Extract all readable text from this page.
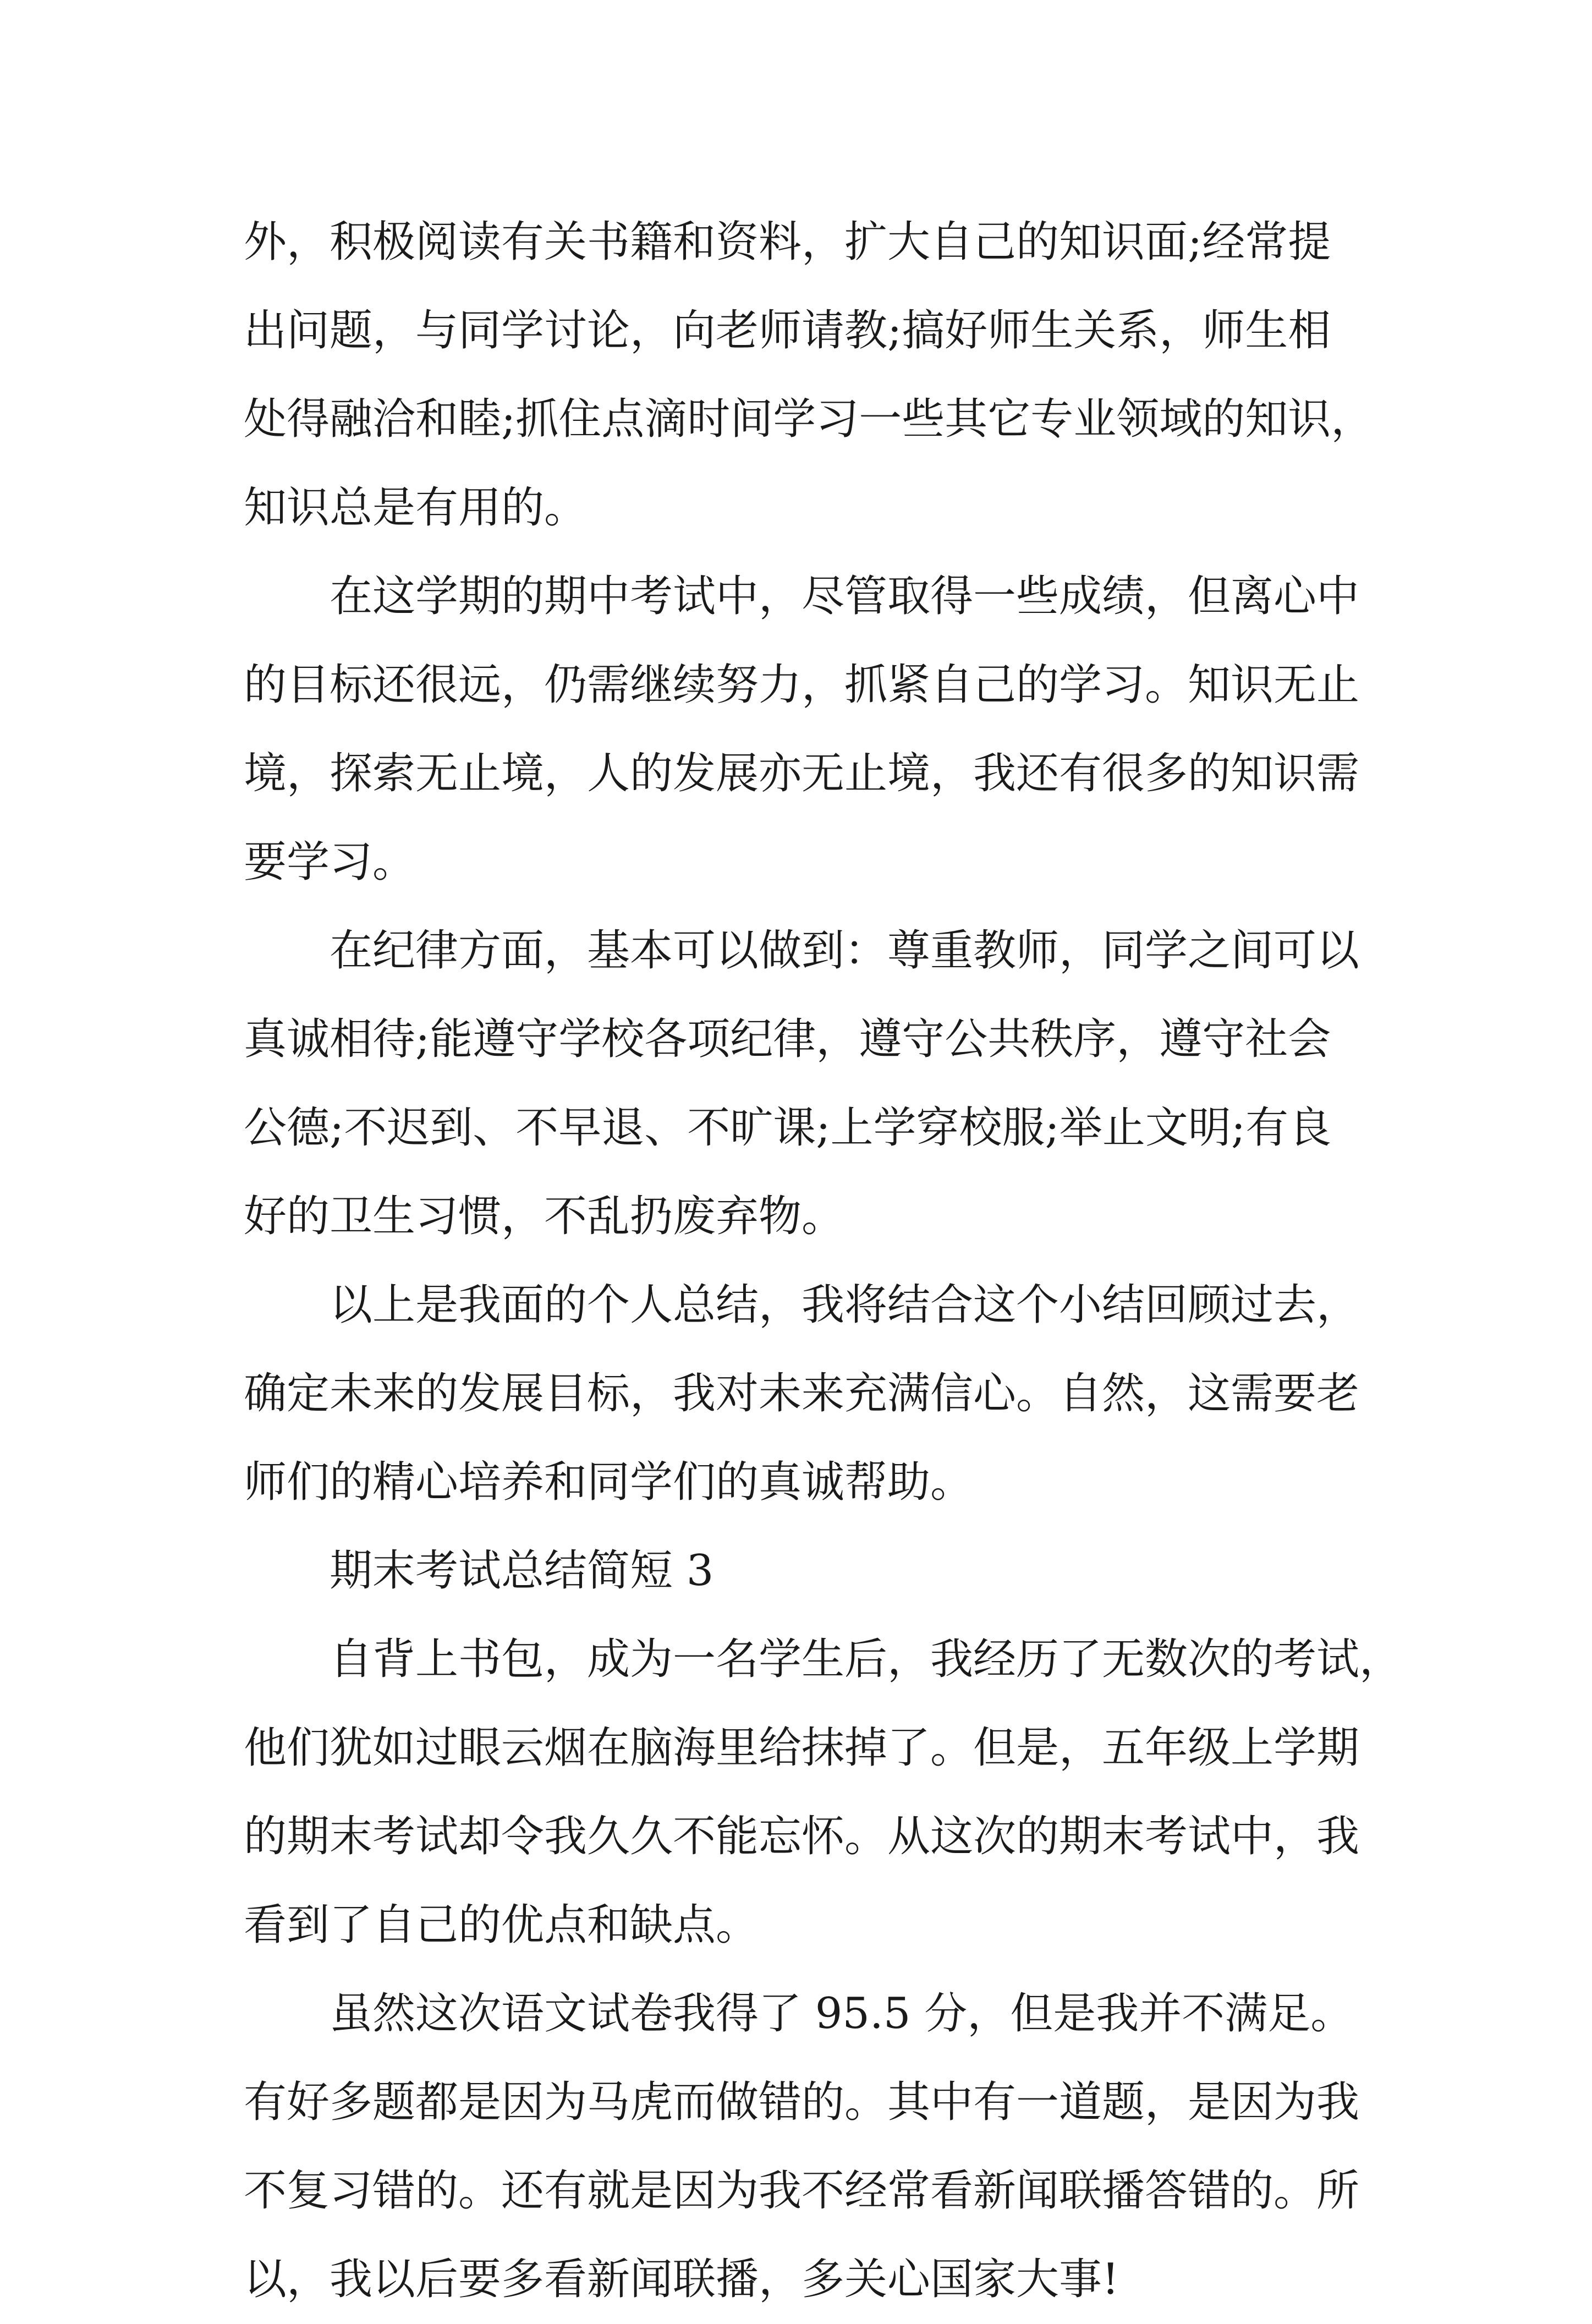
外，积极阅读有关书籍和资料，扩大自己的知识面;经常提
出问题，与同学讨论，向老师请教;搞好师生关系，师生相
处得融洽和睦;抓住点滴时间学习一些其它专业领域的知识，
知识总是有用的。

在这学期的期中考试中，尽管取得一些成绩，但离心中
的目标还很远，仍需继续努力，抓紧自己的学习。知识无止
境，探索无止境，人的发展亦无止境，我还有很多的知识需
要学习。

在纪律方面，基本可以做到：尊重教师，同学之间可以
真诚相待;能遵守学校各项纪律，遵守公共秩序，遵守社会
公德;不迟到、不早退、不旷课;上学穿校服;举止文明;有良
好的卫生习惯，不乱扔废弃物。

以上是我面的个人总结，我将结合这个小结回顾过去，
确定未来的发展目标，我对未来充满信心。自然，这需要老
师们的精心培养和同学们的真诚帮助。

期末考试总结简短 3

自背上书包，成为一名学生后，我经历了无数次的考试，
他们犹如过眼云烟在脑海里给抹掉了。但是，五年级上学期
的期末考试却令我久久不能忘怀。从这次的期末考试中，我
看到了自己的优点和缺点。

虽然这次语文试卷我得了 95.5 分，但是我并不满足。
有好多题都是因为马虎而做错的。其中有一道题，是因为我
不复习错的。还有就是因为我不经常看新闻联播答错的。所
以，我以后要多看新闻联播，多关心国家大事!
